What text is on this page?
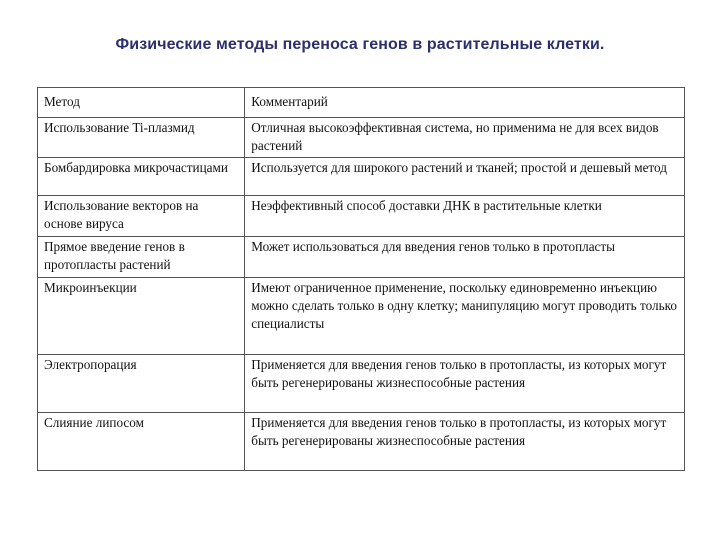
Физические методы переноса генов в растительные клетки.
Метод	Комментарий
Использование Ti-плазмид	Отличная высокоэффективная система, но применима не для всех видов растений
Бомбардировка микрочастицами	Используется для широкого растений и тканей; простой и дешевый метод
Использование векторов на основе вируса	Неэффективный способ доставки ДНК в растительные клетки
Прямое введение генов в протопласты растений	Может использоваться для введения генов только в протопласты
Микроинъекции	Имеют ограниченное применение, поскольку единовременно инъекцию можно сделать только в одну клетку; манипуляцию могут проводить только специалисты
Электропорация	Применяется для введения генов только в протопласты, из которых могут быть регенерированы жизнеспособные растения
Слияние липосом	Применяется для введения генов только в протопласты, из которых могут быть регенерированы жизнеспособные растения
